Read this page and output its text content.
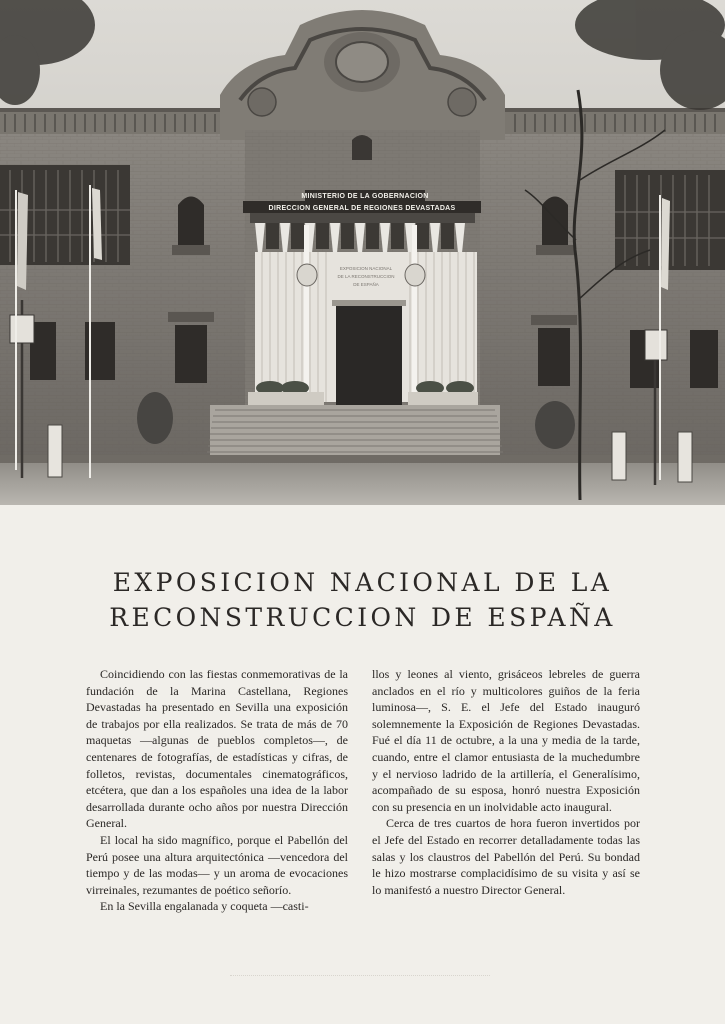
MINISTERIO DE LA GOBERNACION
DIRECCION GENERAL DE REGIONES DEVASTADAS
EXPOSICION NACIONAL
DE LA RECONSTRUCCION
DE ESPAÑA
EXPOSICION NACIONAL DE LA
RECONSTRUCCION DE ESPAÑA

Coincidiendo con las fiestas conmemorativas de la fundación de la Marina Castellana, Regiones Devastadas ha presentado en Sevilla una exposición de trabajos por ella realizados. Se trata de más de 70 maquetas —algunas de pueblos completos—, de centenares de fotografías, de estadísticas y cifras, de folletos, revistas, documentales cinematográficos, etcétera, que dan a los españoles una idea de la labor desarrollada durante ocho años por nuestra Dirección General.

El local ha sido magnífico, porque el Pabellón del Perú posee una altura arquitectónica —vencedora del tiempo y de las modas— y un aroma de evocaciones virreinales, rezumantes de poético señorío.

En la Sevilla engalanada y coqueta —casti-

llos y leones al viento, grisáceos lebreles de guerra anclados en el río y multicolores guiños de la feria luminosa—, S. E. el Jefe del Estado inauguró solemnemente la Exposición de Regiones Devastadas. Fué el día 11 de octubre, a la una y media de la tarde, cuando, entre el clamor entusiasta de la muchedumbre y el nervioso ladrido de la artillería, el Generalísimo, acompañado de su esposa, honró nuestra Exposición con su presencia en un inolvidable acto inaugural.

Cerca de tres cuartos de hora fueron invertidos por el Jefe del Estado en recorrer detalladamente todas las salas y los claustros del Pabellón del Perú. Su bondad le hizo mostrarse complacidísimo de su visita y así se lo manifestó a nuestro Director General.
